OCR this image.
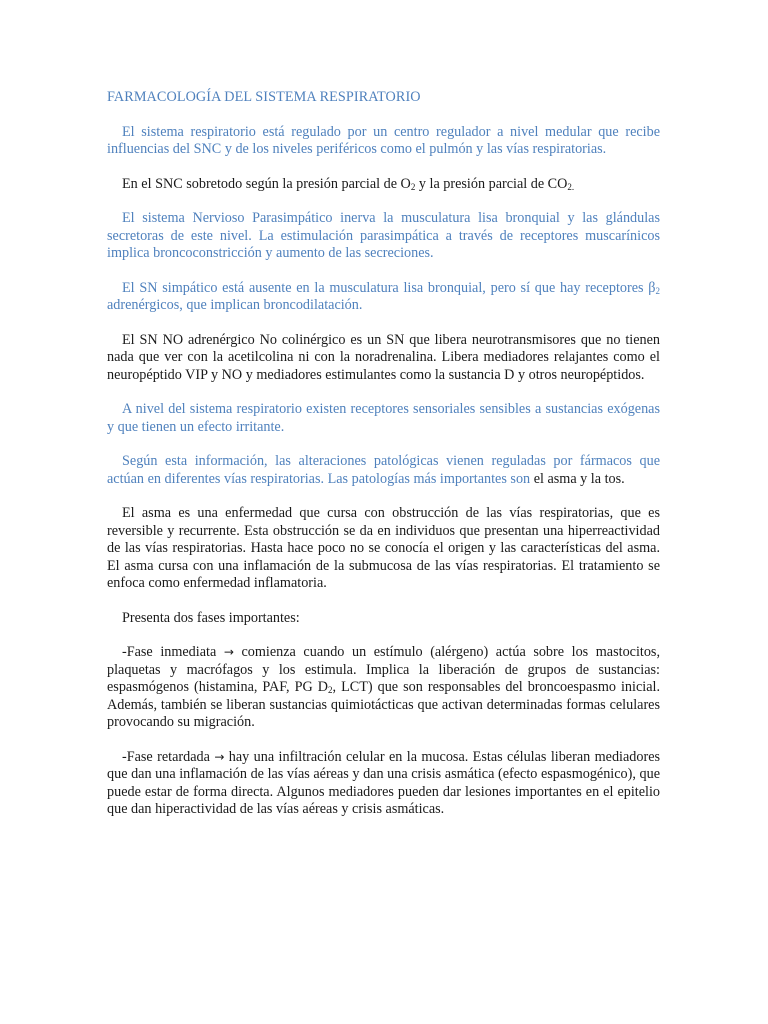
FARMACOLOGÍA DEL SISTEMA RESPIRATORIO

El sistema respiratorio está regulado por un centro regulador a nivel medular que recibe influencias del SNC y de los niveles periféricos como el pulmón y las vías respiratorias.

En el SNC sobretodo según la presión parcial de $O_2$ y la presión parcial de $CO_{2.}$

El sistema Nervioso Parasimpático inerva la musculatura lisa bronquial y las glándulas secretoras de este nivel. La estimulación parasimpática a través de receptores muscarínicos implica broncoconstricción y aumento de las secreciones.

El SN simpático está ausente en la musculatura lisa bronquial, pero sí que hay receptores $\beta_2$ adrenérgicos, que implican broncodilatación.

El SN NO adrenérgico No colinérgico es un SN que libera neurotransmisores que no tienen nada que ver con la acetilcolina ni con la noradrenalina. Libera mediadores relajantes como el neuropéptido VIP y NO y mediadores estimulantes como la sustancia D y otros neuropéptidos.

A nivel del sistema respiratorio existen receptores sensoriales sensibles a sustancias exógenas y que tienen un efecto irritante.

Según esta información, las alteraciones patológicas vienen reguladas por fármacos que actúan en diferentes vías respiratorias. Las patologías más importantes son el asma y la tos.

El asma es una enfermedad que cursa con obstrucción de las vías respiratorias, que es reversible y recurrente. Esta obstrucción se da en individuos que presentan una hiperreactividad de las vías respiratorias. Hasta hace poco no se conocía el origen y las características del asma. El asma cursa con una inflamación de la submucosa de las vías respiratorias. El tratamiento se enfoca como enfermedad inflamatoria.

Presenta dos fases importantes:

-Fase inmediata → comienza cuando un estímulo (alérgeno) actúa sobre los mastocitos, plaquetas y macrófagos y los estimula. Implica la liberación de grupos de sustancias: espasmógenos (histamina, PAF, PG $D_2$, LCT) que son responsables del broncoespasmo inicial. Además, también se liberan sustancias quimiotácticas que activan determinadas formas celulares provocando su migración.

-Fase retardada → hay una infiltración celular en la mucosa. Estas células liberan mediadores que dan una inflamación de las vías aéreas y dan una crisis asmática (efecto espasmogénico), que puede estar de forma directa. Algunos mediadores pueden dar lesiones importantes en el epitelio que dan hiperactividad de las vías aéreas y crisis asmáticas.
